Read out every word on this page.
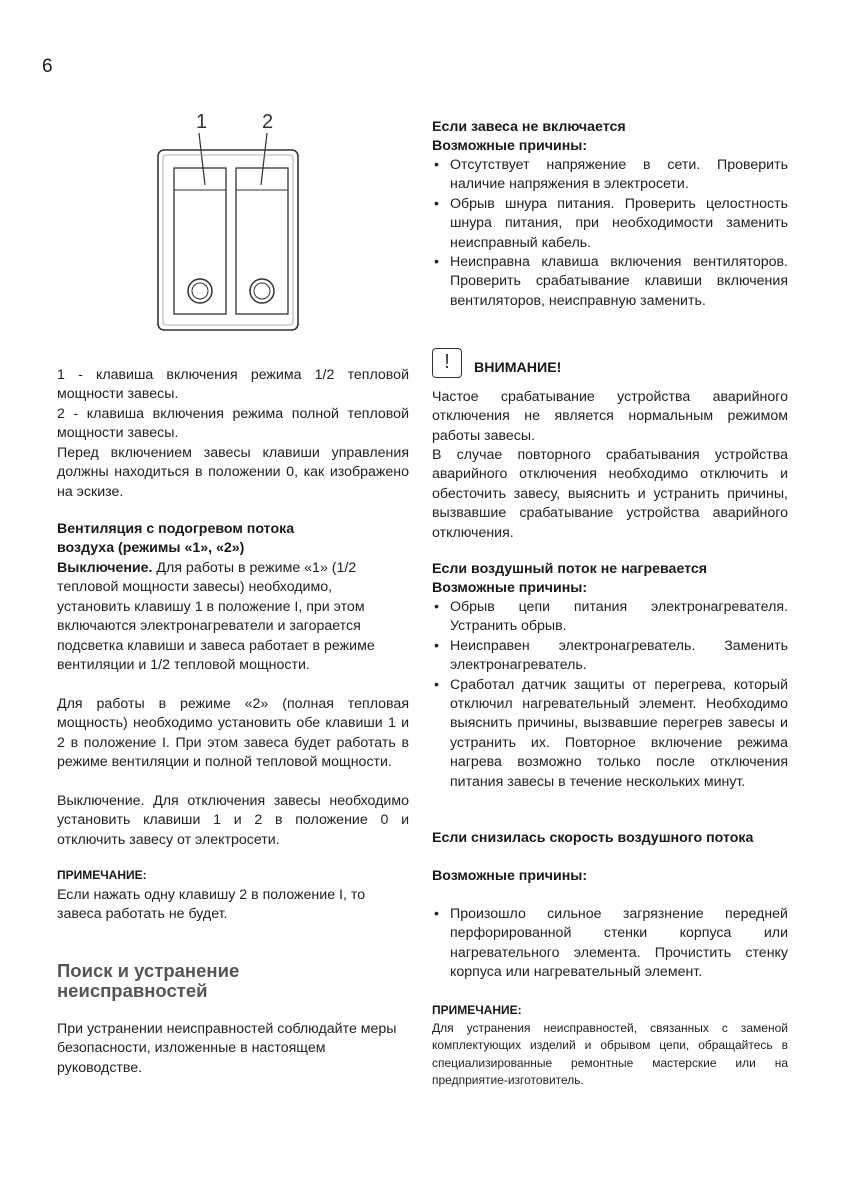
6
1	2

1 - клавиша включения режима 1/2 тепловой мощности завесы.

2 - клавиша включения режима полной тепловой мощности завесы.

Перед включением завесы клавиши управления должны находиться в положении 0, как изображено на эскизе.

Вентиляция с подогревом потока воздуха (режимы «1», «2»)

Выключение. Для работы в режиме «1» (1/2 тепловой мощности завесы) необходимо, установить клавишу 1 в положение I, при этом включаются электронагреватели и загорается подсветка клавиши и завеса работает в режиме вентиляции и 1/2 тепловой мощности.

Для работы в режиме «2» (полная тепловая мощность) необходимо установить обе клавиши 1 и 2 в положение I. При этом завеса будет работать в режиме вентиляции и полной тепловой мощности.

Выключение. Для отключения завесы необходимо установить клавиши 1 и 2 в положение 0 и отключить завесу от электросети.

ПРИМЕЧАНИЕ:

Если нажать одну клавишу 2 в положение I, то завеса работать не будет.

Поиск и устранение

неисправностей

При устранении неисправностей соблюдайте меры безопасности, изложенные в настоящем руководстве.

Если завеса не включается

Возможные причины:

• Отсутствует напряжение в сети. Проверить наличие напряжения в электросети.

• Обрыв шнура питания. Проверить целостность шнура питания, при необходимости заменить неисправный кабель.

• Неисправна клавиша включения вентиляторов. Проверить срабатывание клавиши включения вентиляторов, неисправную заменить.

!	ВНИМАНИЕ!

Частое срабатывание устройства аварийного отключения не является нормальным режимом работы завесы.

В случае повторного срабатывания устройства аварийного отключения необходимо отключить и обесточить завесу, выяснить и устранить причины, вызвавшие срабатывание устройства аварийного отключения.

Если воздушный поток не нагревается

Возможные причины:

• Обрыв цепи питания электронагревателя. Устранить обрыв.

• Неисправен электронагреватель. Заменить электронагреватель.

• Сработал датчик защиты от перегрева, который отключил нагревательный элемент. Необходимо выяснить причины, вызвавшие перегрев завесы и устранить их. Повторное включение режима нагрева возможно только после отключения питания завесы в течение нескольких минут.

Если снизилась скорость воздушного потока

Возможные причины:

• Произошло сильное загрязнение передней перфорированной стенки корпуса или нагревательного элемента. Прочистить стенку корпуса или нагревательный элемент.

ПРИМЕЧАНИЕ:

Для устранения неисправностей, связанных с заменой комплектующих изделий и обрывом цепи, обращайтесь в специализированные ремонтные мастерские или на предприятие-изготовитель.
